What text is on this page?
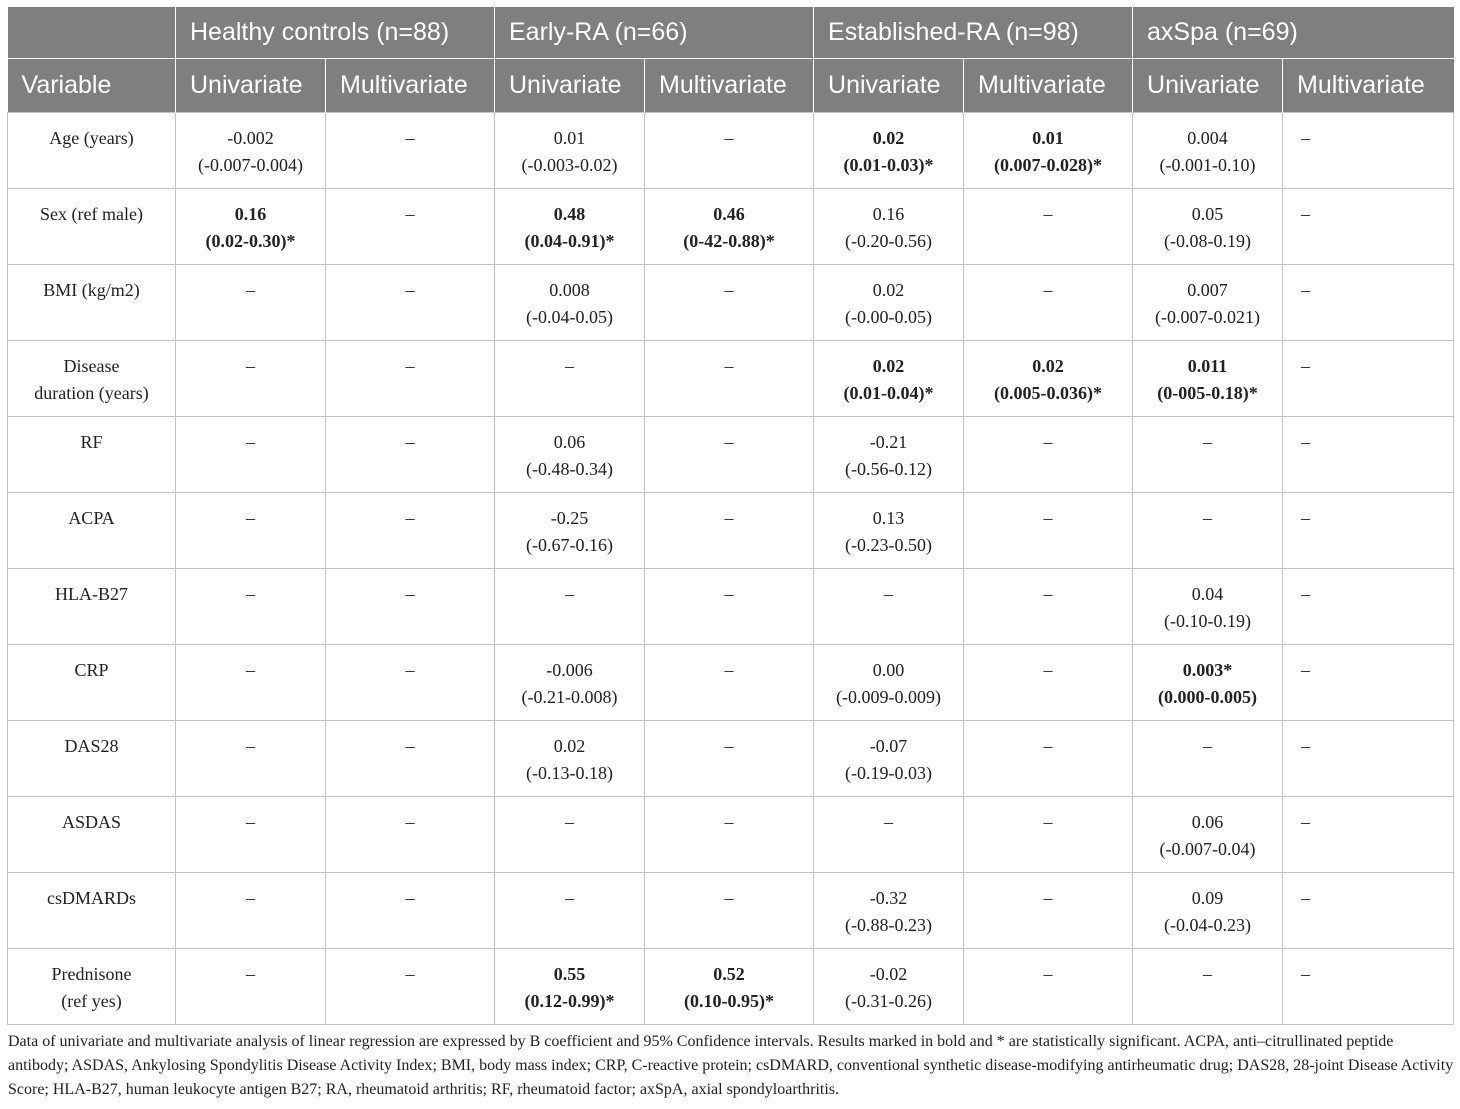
	Healthy controls (n=88)		Early-RA (n=66)		Established-RA (n=98)		axSpa (n=69)	
Variable	Univariate	Multivariate	Univariate	Multivariate	Univariate	Multivariate	Univariate	Multivariate

Age (years)	-0.002
(-0.007-0.004)	–	0.01
(-0.003-0.02)	–	0.02
(0.01-0.03)*	0.01
(0.007-0.028)*	0.004
(-0.001-0.10)	–

Sex (ref male)	0.16
(0.02-0.30)*	–	0.48
(0.04-0.91)*	0.46
(0-42-0.88)*	0.16
(-0.20-0.56)	–	0.05
(-0.08-0.19)	–

BMI (kg/m2)	–	–	0.008
(-0.04-0.05)	–	0.02
(-0.00-0.05)	–	0.007
(-0.007-0.021)	–

Disease
duration (years)	–	–	–	–	0.02
(0.01-0.04)*	0.02
(0.005-0.036)*	0.011
(0-005-0.18)*	–

RF	–	–	0.06
(-0.48-0.34)	–	-0.21
(-0.56-0.12)	–	–	–

ACPA	–	–	-0.25
(-0.67-0.16)	–	0.13
(-0.23-0.50)	–	–	–

HLA-B27	–	–	–	–	–	–	0.04
(-0.10-0.19)	–

CRP	–	–	-0.006
(-0.21-0.008)	–	0.00
(-0.009-0.009)	–	0.003*
(0.000-0.005)	–

DAS28	–	–	0.02
(-0.13-0.18)	–	-0.07
(-0.19-0.03)	–	–	–

ASDAS	–	–	–	–	–	–	0.06
(-0.007-0.04)	–

csDMARDs	–	–	–	–	-0.32
(-0.88-0.23)	–	0.09
(-0.04-0.23)	–

Prednisone
(ref yes)	–	–	0.55
(0.12-0.99)*	0.52
(0.10-0.95)*	-0.02
(-0.31-0.26)	–	–	–

Data of univariate and multivariate analysis of linear regression are expressed by B coefficient and 95% Confidence intervals. Results marked in bold and * are statistically significant. ACPA, anti–citrullinated peptide antibody; ASDAS, Ankylosing Spondylitis Disease Activity Index; BMI, body mass index; CRP, C-reactive protein; csDMARD, conventional synthetic disease-modifying antirheumatic drug; DAS28, 28-joint Disease Activity Score; HLA-B27, human leukocyte antigen B27; RA, rheumatoid arthritis; RF, rheumatoid factor; axSpA, axial spondyloarthritis.
